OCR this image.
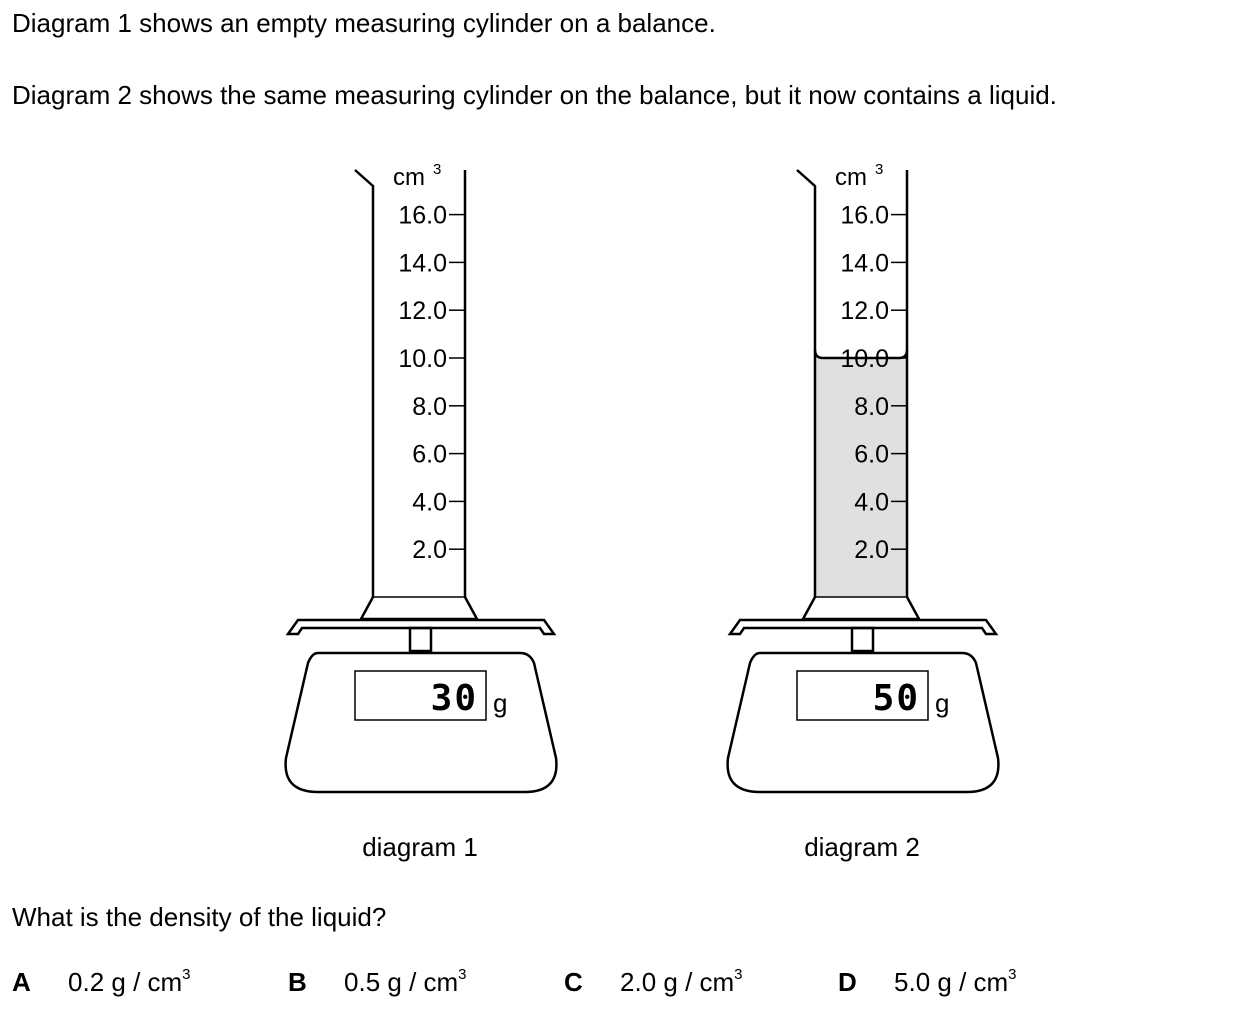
Diagram 1 shows an empty measuring cylinder on a balance.

Diagram 2 shows the same measuring cylinder on the balance, but it now contains a liquid.

cm 3
16.0
14.0
12.0
10.0
8.0
6.0
4.0
2.0
30 g
diagram 1
cm 3
16.0
14.0
12.0
10.0
8.0
6.0
4.0
2.0
50 g
diagram 2

What is the density of the liquid?

A 0.2 g / $cm^3$	B 0.5 g / $cm^3$	C 2.0 g / $cm^3$	D 5.0 g / $cm^3$
